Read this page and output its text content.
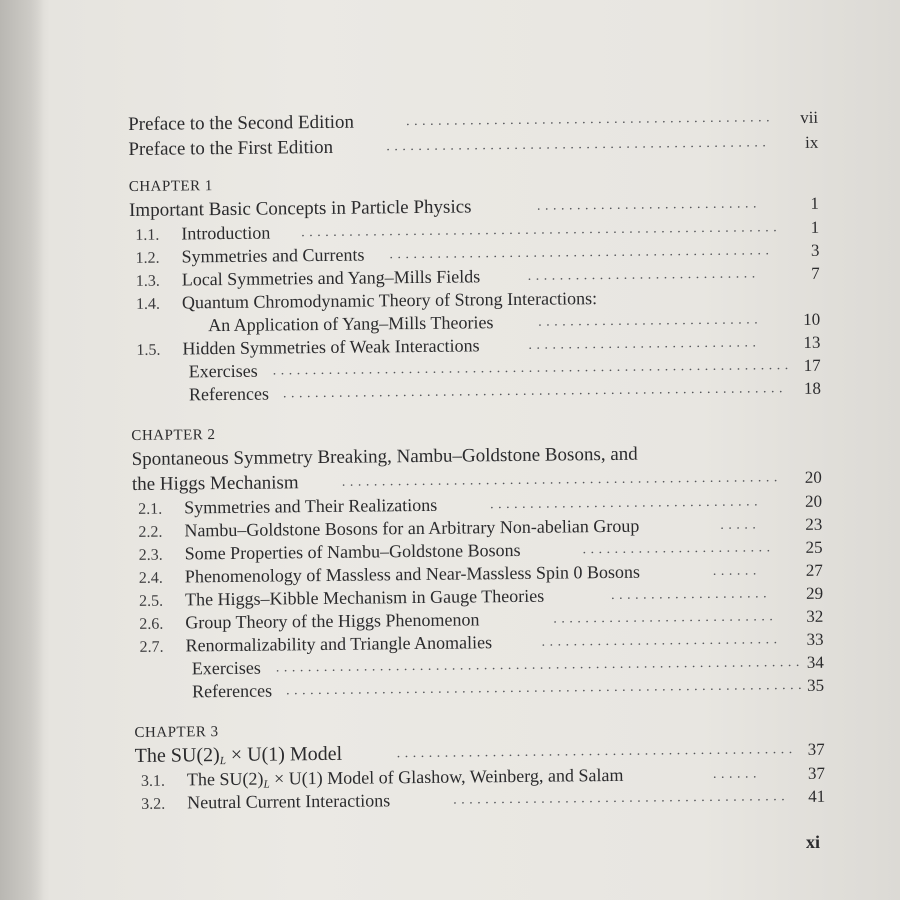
Preface to the Second Edition	..............................................	vii
Preface to the First Edition	................................................	ix
CHAPTER 1
Important Basic Concepts in Particle Physics	............................	1
1.1. Introduction ............................................................	1
1.2. Symmetries and Currents ................................................	3
1.3. Local Symmetries and Yang–Mills Fields	.............................	7
1.4. Quantum Chromodynamic Theory of Strong Interactions:
An Application of Yang–Mills Theories	............................	10
1.5. Hidden Symmetries of Weak Interactions	.............................	13
Exercises ................................................................. 17
References ............................................................... 18
CHAPTER 2
Spontaneous Symmetry Breaking, Nambu–Goldstone Bosons, and
the Higgs Mechanism	.......................................................	20
2.1. Symmetries and Their Realizations	..................................	20
2.2. Nambu–Goldstone Bosons for an Arbitrary Non-abelian Group	.....	23
2.3. Some Properties of Nambu–Goldstone Bosons	........................	25
2.4. Phenomenology of Massless and Near-Massless Spin 0 Bosons	......	27
2.5. The Higgs–Kibble Mechanism in Gauge Theories	....................	29
2.6. Group Theory of the Higgs Phenomenon	............................	32
2.7. Renormalizability and Triangle Anomalies	..............................	33
Exercises .................................................................. 34
References ................................................................. 35
CHAPTER 3
The $SU(2)_L \times U(1)$ Model	.................................................. 37
3.1. The $SU(2)_L \times U(1)$ Model of Glashow, Weinberg, and Salam	......	37
3.2. Neutral Current Interactions	..........................................	41
xi
